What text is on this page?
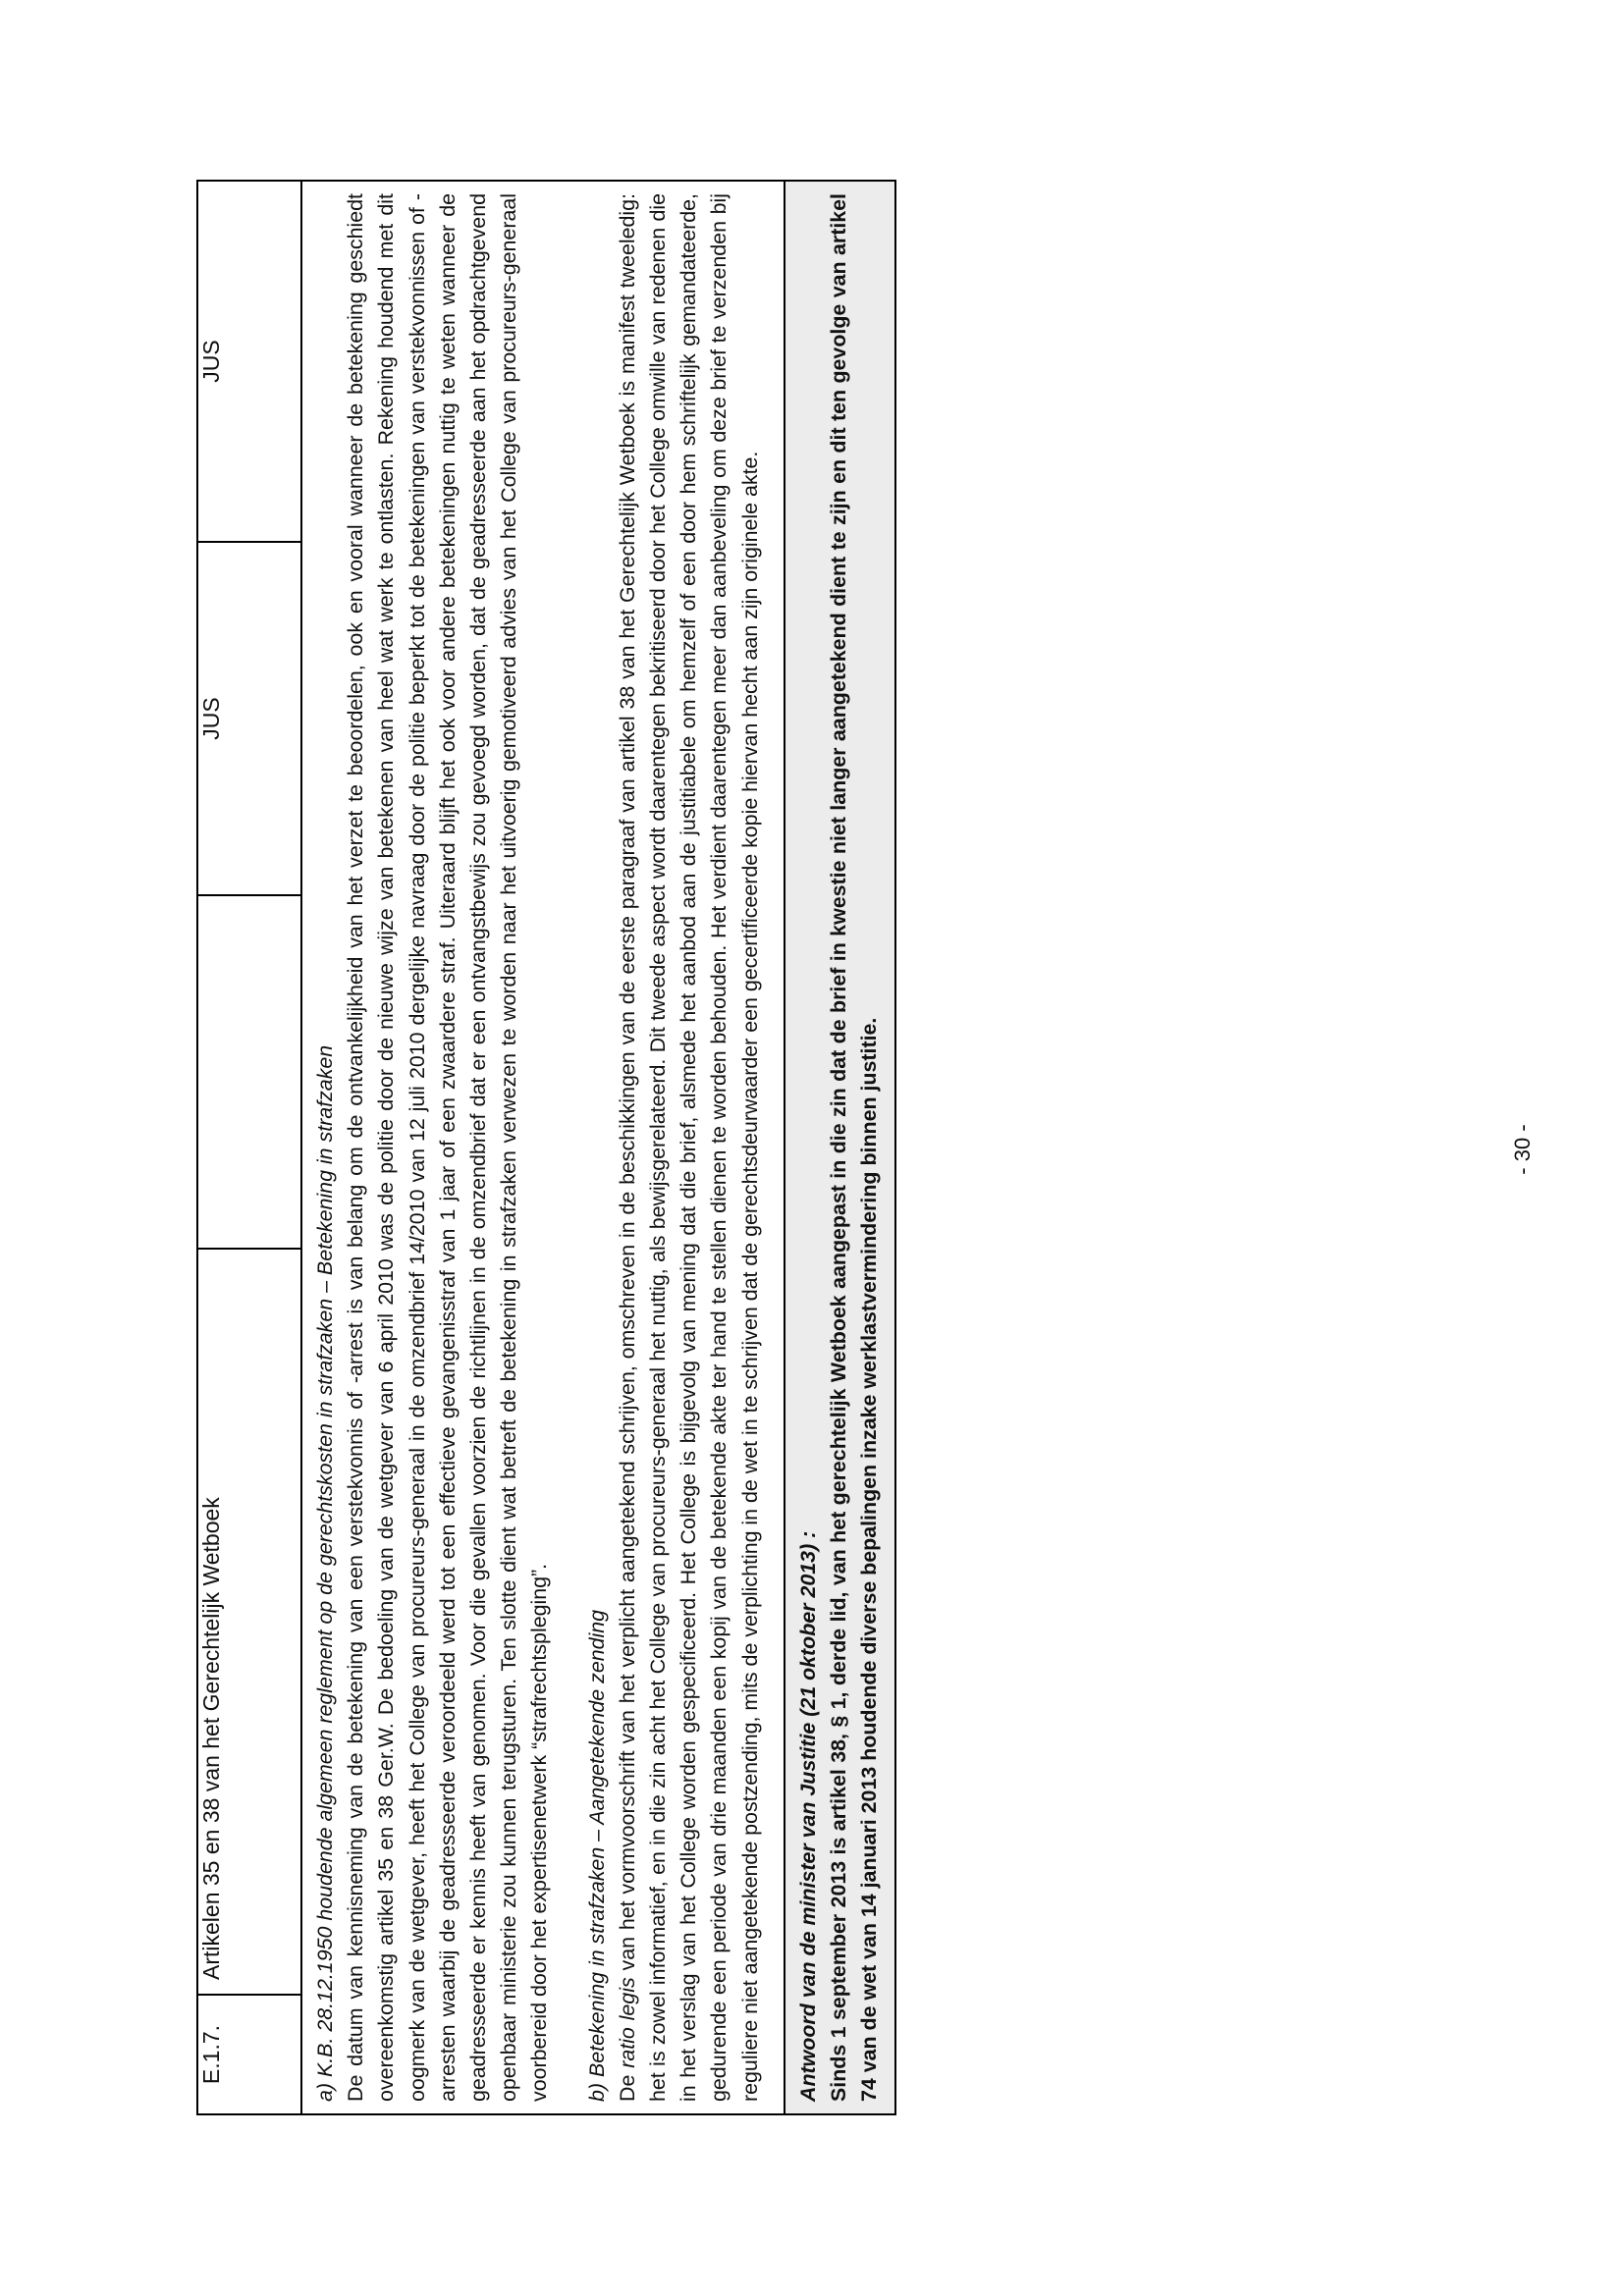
E.1.7.	Artikelen 35 en 38 van het Gerechtelijk Wetboek		JUS	JUS

a) K.B. 28.12.1950 houdende algemeen reglement op de gerechtskosten in strafzaken – Betekening in strafzaken De datum van kennisneming van de betekening van een verstekvonnis of -arrest is van belang om de ontvankelijkheid van het verzet te beoordelen, ook en vooral wanneer de betekening geschiedt overeenkomstig artikel 35 en 38 Ger.W. De bedoeling van de wetgever van 6 april 2010 was de politie door de nieuwe wijze van betekenen van heel wat werk te ontlasten. Rekening houdend met dit oogmerk van de wetgever, heeft het College van procureurs-generaal in de omzendbrief 14/2010 van 12 juli 2010 dergelijke navraag door de politie beperkt tot de betekeningen van verstekvonnissen of -arresten waarbij de geadresseerde veroordeeld werd tot een effectieve gevangenisstraf van 1 jaar of een zwaardere straf. Uiteraard blijft het ook voor andere betekeningen nuttig te weten wanneer de geadresseerde er kennis heeft van genomen. Voor die gevallen voorzien de richtlijnen in de omzendbrief dat er een ontvangstbewijs zou gevoegd worden, dat de geadresseerde aan het opdrachtgevend openbaar ministerie zou kunnen terugsturen. Ten slotte dient wat betreft de betekening in strafzaken verwezen te worden naar het uitvoerig gemotiveerd advies van het College van procureurs-generaal voorbereid door het expertisenetwerk “strafrechtspleging”. b) Betekening in strafzaken – Aangetekende zending De ratio legis van het vormvoorschrift van het verplicht aangetekend schrijven, omschreven in de beschikkingen van de eerste paragraaf van artikel 38 van het Gerechtelijk Wetboek is manifest tweeledig: het is zowel informatief, en in die zin acht het College van procureurs-generaal het nuttig, als bewijsgerelateerd. Dit tweede aspect wordt daarentegen bekritiseerd door het College omwille van redenen die in het verslag van het College worden gespecificeerd. Het College is bijgevolg van mening dat die brief, alsmede het aanbod aan de justitiabele om hemzelf of een door hem schriftelijk gemandateerde, gedurende een periode van drie maanden een kopij van de betekende akte ter hand te stellen dienen te worden behouden. Het verdient daarentegen meer dan aanbeveling om deze brief te verzenden bij reguliere niet aangetekende postzending, mits de verplichting in de wet in te schrijven dat de gerechtsdeurwaarder een gecertificeerde kopie hiervan hecht aan zijn originele akte.

Antwoord van de minister van Justitie (21 oktober 2013) : Sinds 1 september 2013 is artikel 38, § 1, derde lid, van het gerechtelijk Wetboek aangepast in die zin dat de brief in kwestie niet langer aangetekend dient te zijn en dit ten gevolge van artikel 74 van de wet van 14 januari 2013 houdende diverse bepalingen inzake werklastvermindering binnen justitie.	- 30 -
